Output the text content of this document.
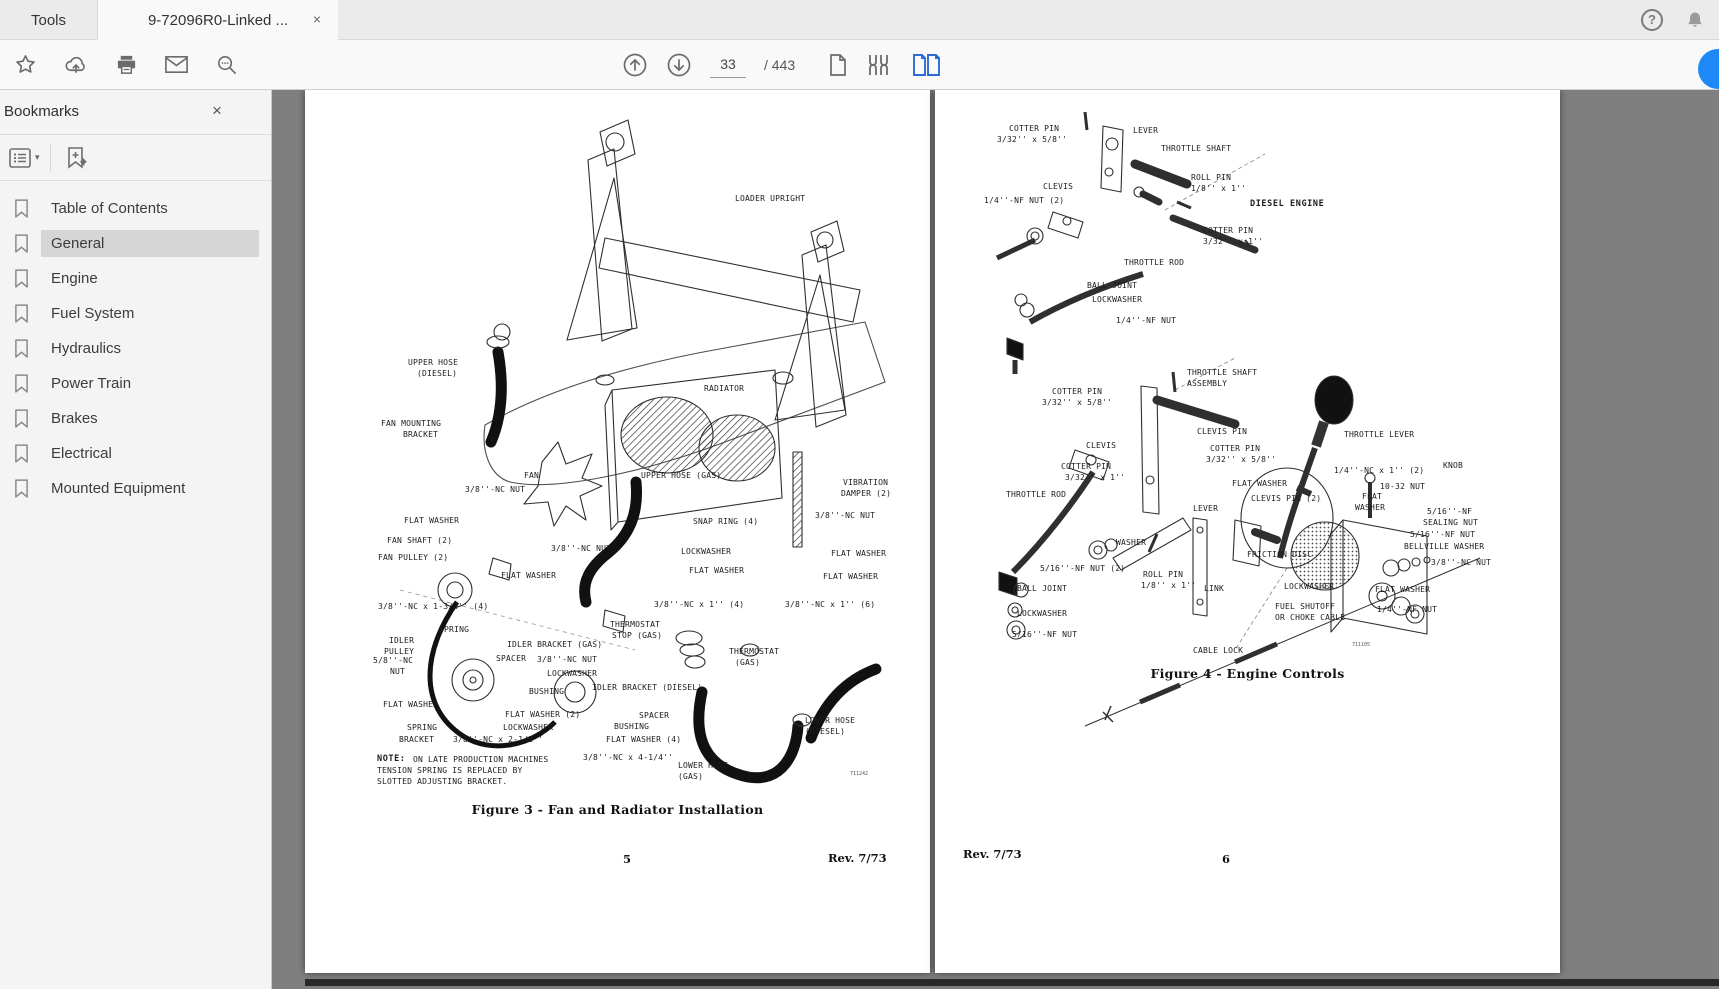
Tools	9-72096R0-Linked ...	×	?
33
/ 443
Bookmarks	×
▾
Table of Contents
General
Engine
Fuel System
Hydraulics
Power Train
Brakes
Electrical
Mounted Equipment
LOADER UPRIGHT
UPPER HOSE
(DIESEL)
RADIATOR
FAN MOUNTING
BRACKET
FAN
3/8''-NC NUT
UPPER HOSE (GAS)
VIBRATION
DAMPER (2)
FLAT WASHER
3/8''-NC NUT
FAN SHAFT (2)
SNAP RING (4)
3/8''-NC NUT	LOCKWASHER
FAN PULLEY (2)	FLAT WASHER
FLAT WASHER
FLAT WASHER
FLAT WASHER
3/8''-NC x 1-3/4'' (4)	3/8''-NC x 1'' (4)	3/8''-NC x 1'' (6)
SPRING
THERMOSTAT
STOP (GAS)
IDLER
PULLEY
IDLER BRACKET (GAS)
5/8''-NC
NUT
SPACER 3/8''-NC NUT
THERMOSTAT
(GAS)
LOCKWASHER
BUSHING	IDLER BRACKET (DIESEL)
FLAT WASHER
FLAT WASHER (2)	SPACER
SPRING
BRACKET
LOCKWASHER	BUSHING
3/8''-NC x 2-1/2''	FLAT WASHER (4)
LOWER HOSE
(DIESEL)
3/8''-NC x 4-1/4''
LOWER HOSE
(GAS)
NOTE: ON LATE PRODUCTION MACHINES
TENSION SPRING IS REPLACED BY
SLOTTED ADJUSTING BRACKET.
711242
Figure 3 - Fan and Radiator Installation
5	Rev. 7/73
COTTER PIN
3/32'' x 5/8''
LEVER
THROTTLE SHAFT
ROLL PIN
1/8'' x 1''
CLEVIS
1/4''-NF NUT (2)	DIESEL ENGINE
COTTER PIN
3/32'' x 1''
THROTTLE ROD
BALL JOINT
LOCKWASHER
1/4''-NF NUT
THROTTLE SHAFT
ASSEMBLY
COTTER PIN
3/32'' x 5/8''
CLEVIS PIN
CLEVIS
THROTTLE LEVER
COTTER PIN
3/32'' x 5/8''
COTTER PIN
3/32'' x 1''
KNOB
1/4''-NC x 1'' (2)
FLAT WASHER	10-32 NUT
THROTTLE ROD	CLEVIS PIN (2)	FLAT
WASHER	5/16''-NF
SEALING NUT
LEVER
5/16''-NF NUT
WASHER
FRICTION DISC
BELLVILLE WASHER
5/16''-NF NUT (2)
3/8''-NC NUT
ROLL PIN
1/8'' x 1'' LINK	LOCKWASHER	FLAT WASHER
BALL JOINT
1/4''-NF NUT
LOCKWASHER
FUEL SHUTOFF
OR CHOKE CABLE
5/16''-NF NUT
CABLE LOCK
711105
Figure 4 - Engine Controls
Rev. 7/73	6
